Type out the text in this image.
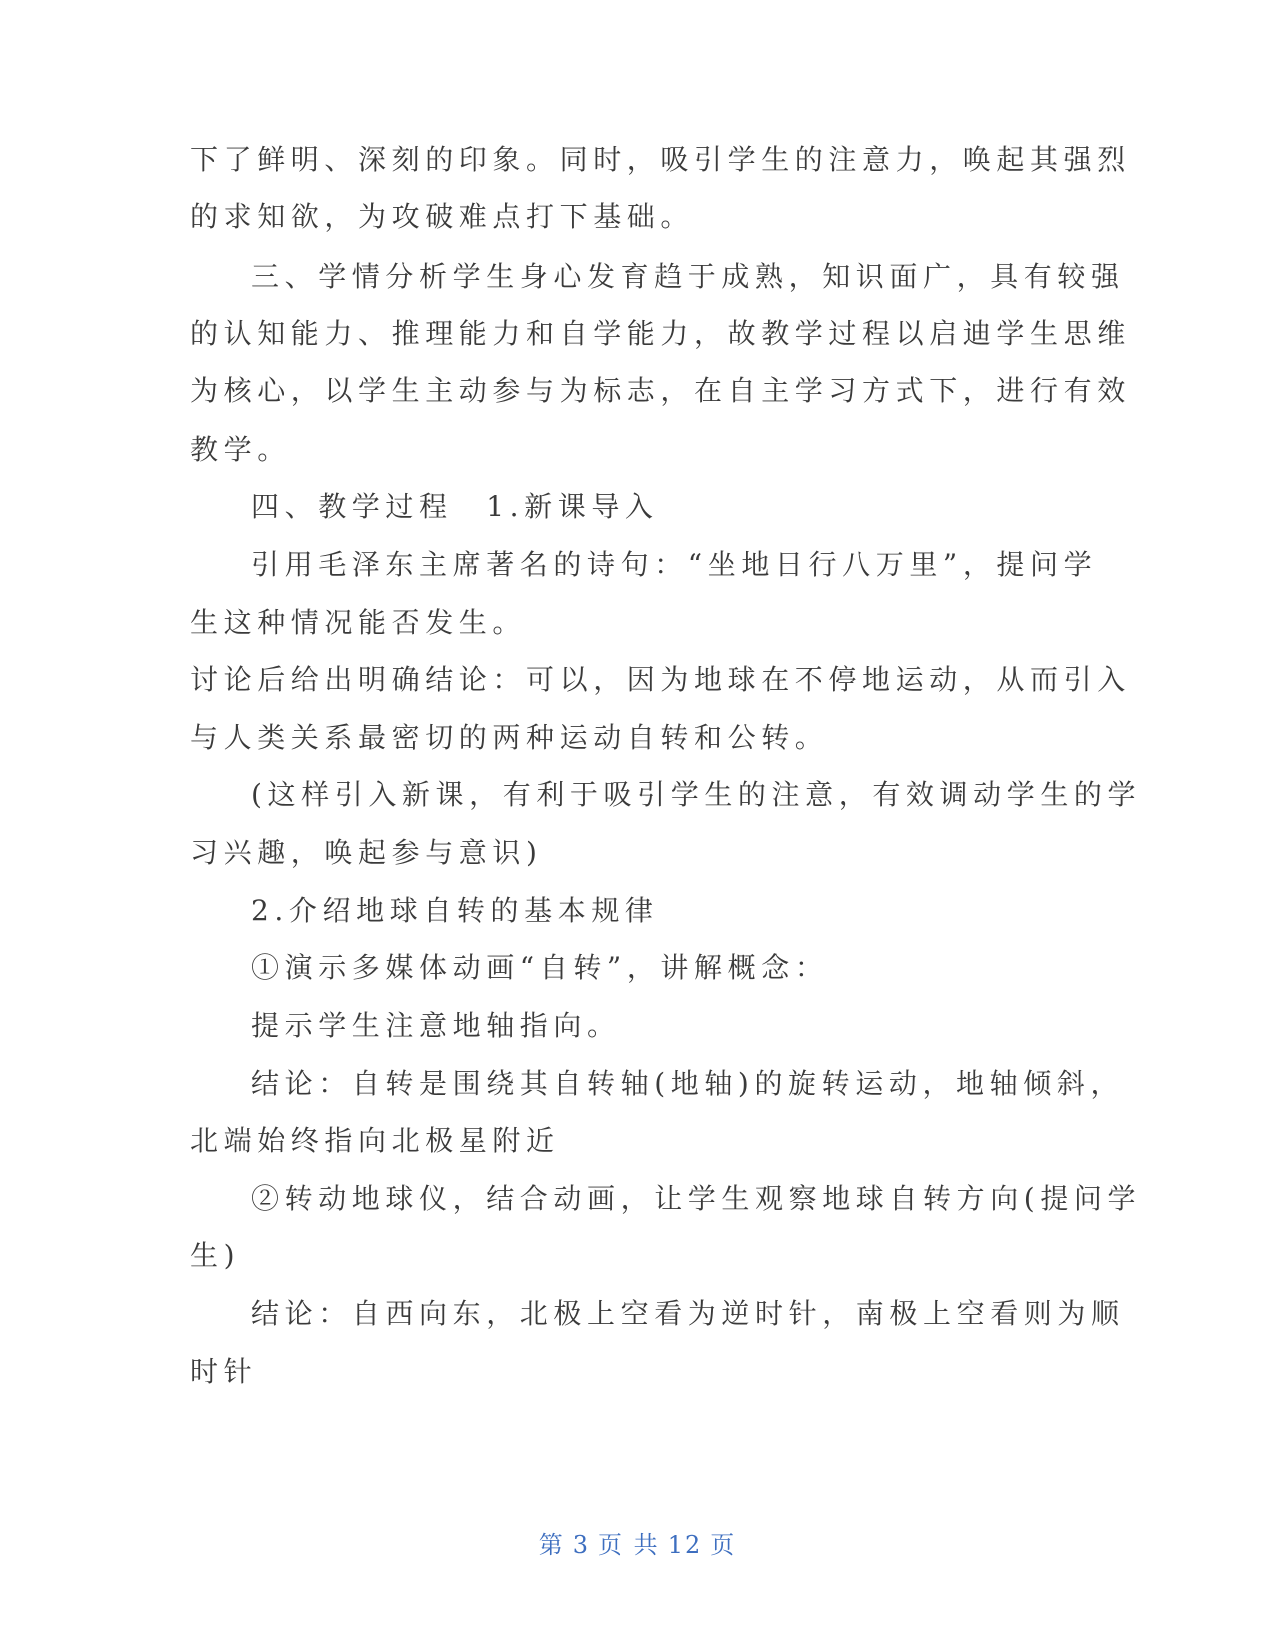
下了鲜明、深刻的印象。同时，吸引学生的注意力，唤起其强烈
的求知欲，为攻破难点打下基础。
三、学情分析学生身心发育趋于成熟，知识面广，具有较强
的认知能力、推理能力和自学能力，故教学过程以启迪学生思维
为核心，以学生主动参与为标志，在自主学习方式下，进行有效
教学。
四、教学过程　1.新课导入
引用毛泽东主席著名的诗句：“坐地日行八万里”，提问学
生这种情况能否发生。
讨论后给出明确结论：可以，因为地球在不停地运动，从而引入
与人类关系最密切的两种运动自转和公转。
(这样引入新课，有利于吸引学生的注意，有效调动学生的学
习兴趣，唤起参与意识)
2.介绍地球自转的基本规律
①演示多媒体动画“自转”，讲解概念：
提示学生注意地轴指向。
结论：自转是围绕其自转轴(地轴)的旋转运动，地轴倾斜，
北端始终指向北极星附近
②转动地球仪，结合动画，让学生观察地球自转方向(提问学
生)
结论：自西向东，北极上空看为逆时针，南极上空看则为顺
时针
第 3 页 共 12 页
